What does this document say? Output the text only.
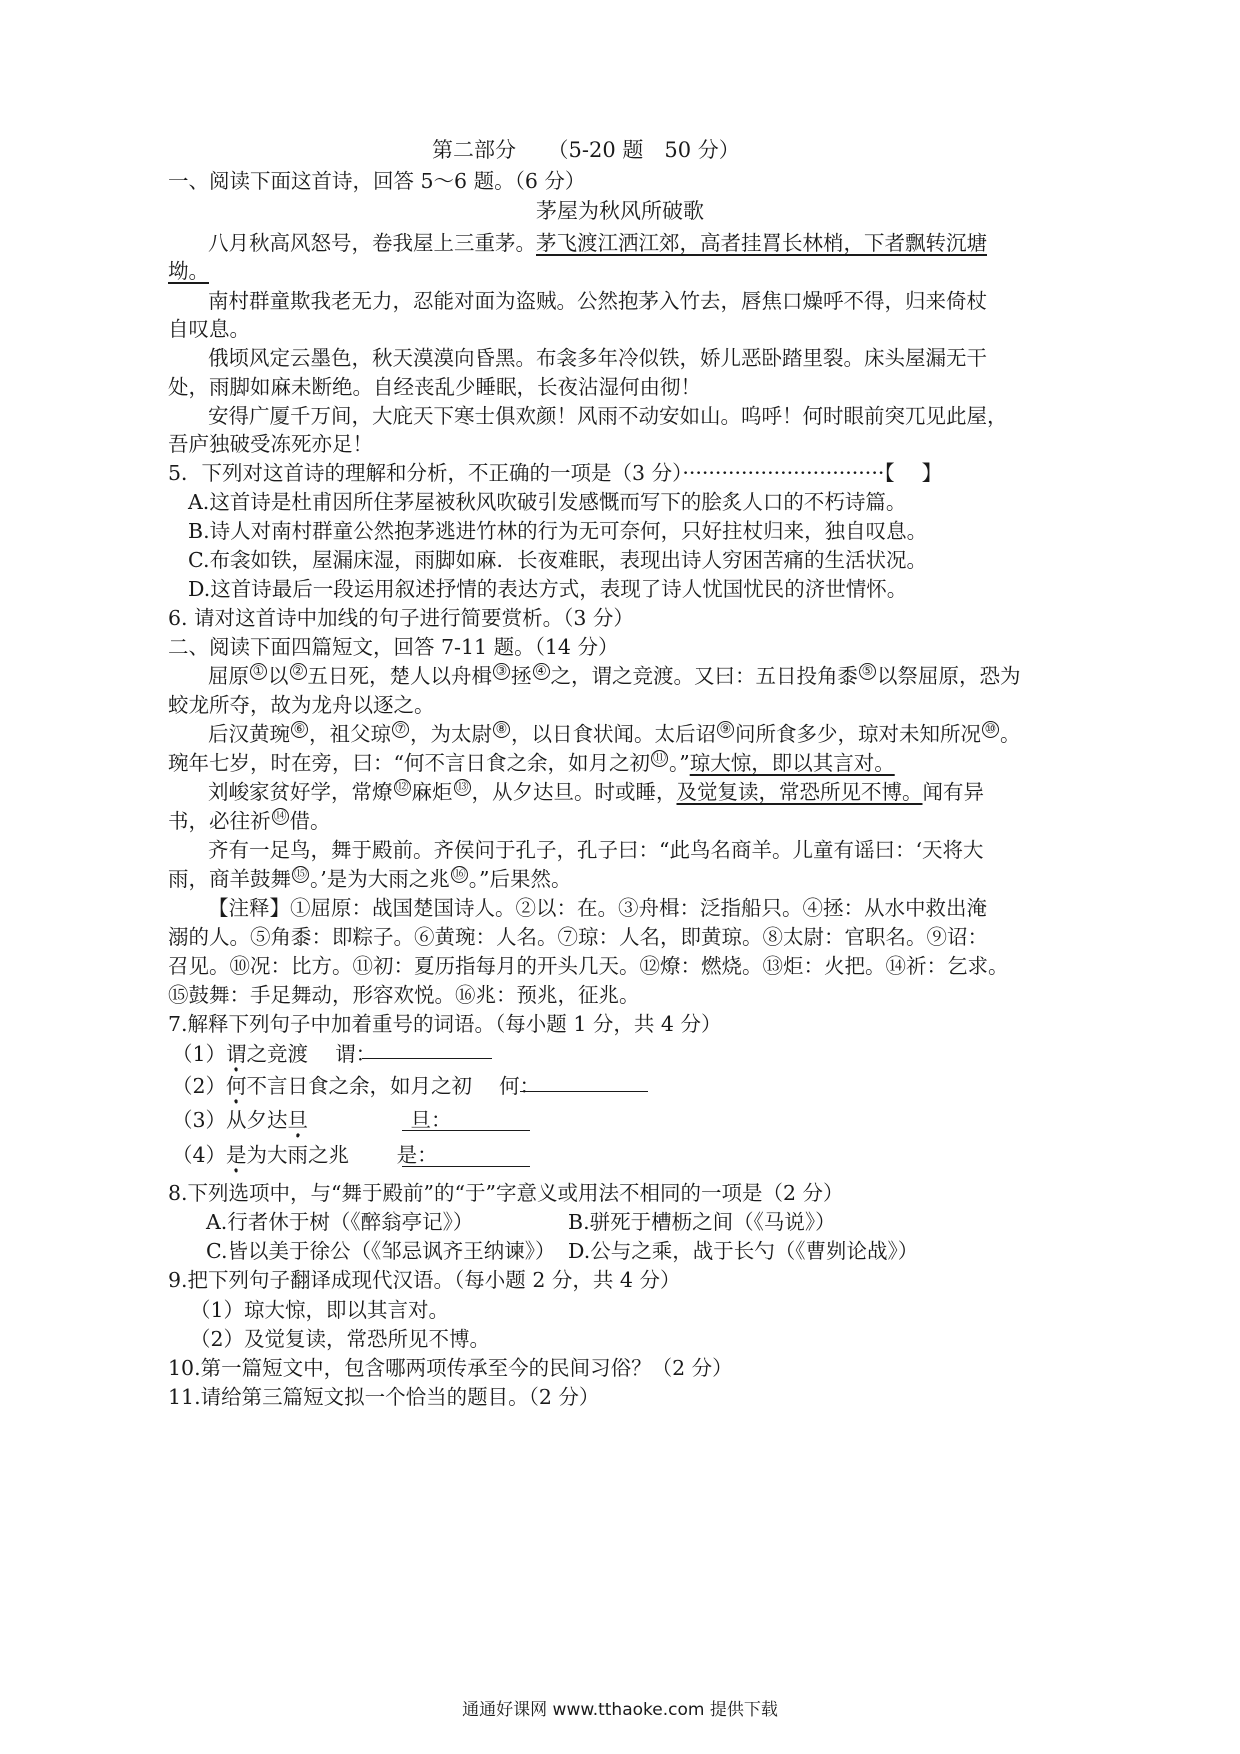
第二部分　　（5-20 题　50 分）
一、阅读下面这首诗，回答 5～6 题。（6 分）
茅屋为秋风所破歌
八月秋高风怒号，卷我屋上三重茅。茅飞渡江洒江郊，高者挂罥长林梢，下者飘转沉塘
坳。
南村群童欺我老无力，忍能对面为盗贼。公然抱茅入竹去，唇焦口燥呼不得，归来倚杖
自叹息。
俄顷风定云墨色，秋天漠漠向昏黑。布衾多年冷似铁，娇儿恶卧踏里裂。床头屋漏无干
处，雨脚如麻未断绝。自经丧乱少睡眠，长夜沾湿何由彻！
安得广厦千万间，大庇天下寒士俱欢颜！风雨不动安如山。呜呼！何时眼前突兀见此屋，
吾庐独破受冻死亦足！
5．下列对这首诗的理解和分析，不正确的一项是（3 分）·······························【　 】
A.这首诗是杜甫因所住茅屋被秋风吹破引发感慨而写下的脍炙人口的不朽诗篇。
B.诗人对南村群童公然抱茅逃进竹林的行为无可奈何，只好拄杖归来，独自叹息。
C.布衾如铁，屋漏床湿，雨脚如麻．长夜难眠，表现出诗人穷困苦痛的生活状况。
D.这首诗最后一段运用叙述抒情的表达方式，表现了诗人忧国忧民的济世情怀。
6. 请对这首诗中加线的句子进行简要赏析。（3 分）
二、阅读下面四篇短文，回答 7-11 题。（14 分）
屈原 ① 以 ② 五日死，楚人以舟楫 ③ 拯 ④ 之，谓之竞渡。又曰：五日投角黍 ⑤ 以祭屈原，恐为
蛟龙所夺，故为龙舟以逐之。
后汉黄琬 ⑥ ，祖父琼 ⑦ ，为太尉 ⑧ ，以日食状闻。太后诏 ⑨ 问所食多少，琼对未知所况 ⑩ 。
琬年七岁，时在旁，曰：“何不言日食之余，如月之初 ⑪ 。”琼大惊，即以其言对。
刘峻家贫好学，常燎 ⑫ 麻炬 ⑬ ，从夕达旦。时或睡，及觉复读，常恐所见不博。闻有异
书，必往祈 ⑭ 借。
齐有一足鸟，舞于殿前。齐侯问于孔子，孔子曰：“此鸟名商羊。儿童有谣曰：‘天将大
雨，商羊鼓舞 ⑮ 。’是为大雨之兆 ⑯ 。”后果然。
【注释】①屈原：战国楚国诗人。②以：在。③舟楫：泛指船只。④拯：从水中救出淹
溺的人。⑤角黍：即粽子。⑥黄琬：人名。⑦琼：人名，即黄琼。⑧太尉：官职名。⑨诏：
召见。⑩况：比方。⑪初：夏历指每月的开头几天。⑫燎：燃烧。⑬炬：火把。⑭祈：乞求。
⑮鼓舞：手足舞动，形容欢悦。⑯兆：预兆，征兆。
7.解释下列句子中加着重号的词语。（每小题 1 分，共 4 分）
（1）谓之竞渡　 谓：
（2）何不言日食之余，如月之初　 何：
（3）从夕达旦　　　　　旦：
（4）是为大雨之兆　　 是：
8.下列选项中，与“舞于殿前”的“于”字意义或用法不相同的一项是（2 分）
A.行者休于树（《醉翁亭记》）	B.骈死于槽枥之间（《马说》）
C.皆以美于徐公（《邹忌讽齐王纳谏》） D.公与之乘，战于长勺（《曹刿论战》）
9.把下列句子翻译成现代汉语。（每小题 2 分，共 4 分）
（1）琼大惊，即以其言对。
（2）及觉复读，常恐所见不博。
10.第一篇短文中，包含哪两项传承至今的民间习俗？（2 分）
11.请给第三篇短文拟一个恰当的题目。（2 分）
通通好课网 www.tthaoke.com 提供下载
